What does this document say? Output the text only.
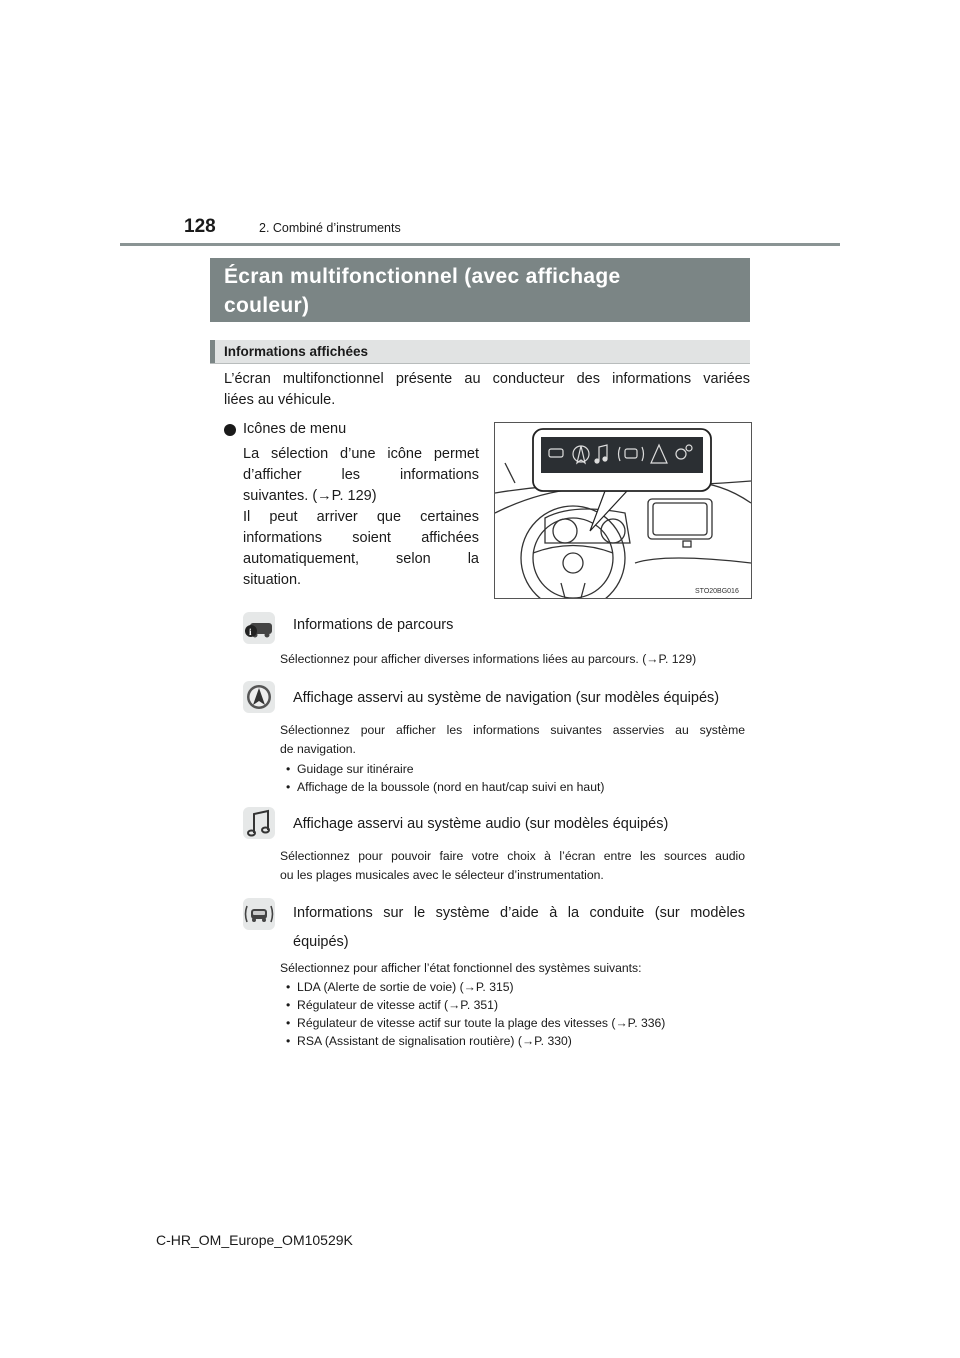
128	2. Combiné d’instruments
Écran multifonctionnel (avec affichage
couleur)
Informations affichées
L’écran multifonctionnel présente au conducteur des informations variées
liées au véhicule.
Icônes de menu
La sélection d’une icône permet
d’afficher les informations
suivantes. (→P. 129)
Il peut arriver que certaines
informations soient affichées
automatiquement, selon la
situation.
STO20BG016
i	Informations de parcours
Sélectionnez pour afficher diverses informations liées au parcours. (→P. 129)
Affichage asservi au système de navigation (sur modèles équipés)
Sélectionnez pour afficher les informations suivantes asservies au système
de navigation.
•  Guidage sur itinéraire
•  Affichage de la boussole (nord en haut/cap suivi en haut)
Affichage asservi au système audio (sur modèles équipés)
Sélectionnez pour pouvoir faire votre choix à l’écran entre les sources audio
ou les plages musicales avec le sélecteur d’instrumentation.
Informations sur le système d’aide à la conduite (sur modèles
équipés)
Sélectionnez pour afficher l’état fonctionnel des systèmes suivants:
•  LDA (Alerte de sortie de voie) (→P. 315)
•  Régulateur de vitesse actif (→P. 351)
•  Régulateur de vitesse actif sur toute la plage des vitesses (→P. 336)
•  RSA (Assistant de signalisation routière) (→P. 330)
C-HR_OM_Europe_OM10529K
